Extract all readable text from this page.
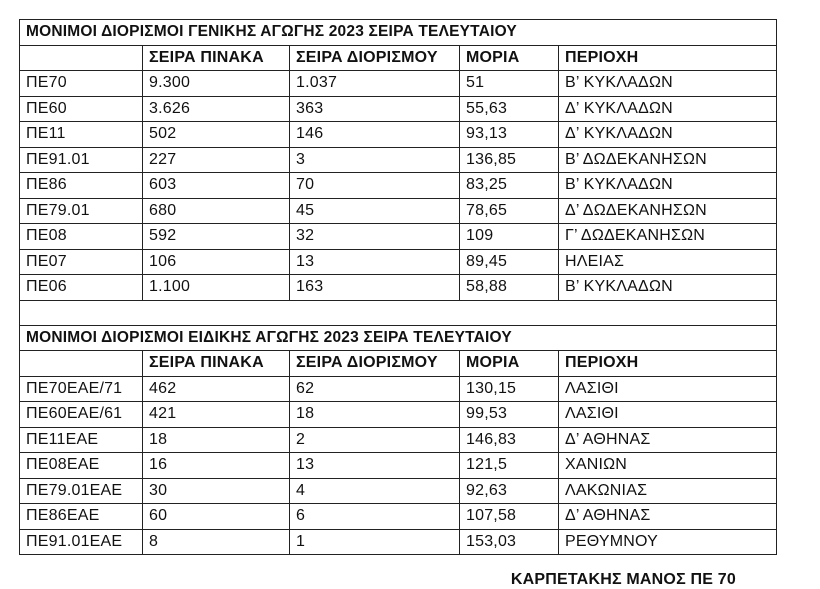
ΜΟΝΙΜΟΙ ΔΙΟΡΙΣΜΟΙ ΓΕΝΙΚΗΣ ΑΓΩΓΗΣ 2023 ΣΕΙΡΑ ΤΕΛΕΥΤΑΙΟΥ				
	ΣΕΙΡΑ ΠΙΝΑΚΑ	ΣΕΙΡΑ ΔΙΟΡΙΣΜΟΥ	ΜΟΡΙΑ	ΠΕΡΙΟΧΗ
ΠΕ70	9.300	1.037	51	Β’ ΚΥΚΛΑΔΩΝ
ΠΕ60	3.626	363	55,63	Δ’ ΚΥΚΛΑΔΩΝ
ΠΕ11	502	146	93,13	Δ’ ΚΥΚΛΑΔΩΝ
ΠΕ91.01	227	3	136,85	Β’ ΔΩΔΕΚΑΝΗΣΩΝ
ΠΕ86	603	70	83,25	Β’ ΚΥΚΛΑΔΩΝ
ΠΕ79.01	680	45	78,65	Δ’ ΔΩΔΕΚΑΝΗΣΩΝ
ΠΕ08	592	32	109	Γ’ ΔΩΔΕΚΑΝΗΣΩΝ
ΠΕ07	106	13	89,45	ΗΛΕΙΑΣ
ΠΕ06	1.100	163	58,88	Β’ ΚΥΚΛΑΔΩΝ

ΜΟΝΙΜΟΙ ΔΙΟΡΙΣΜΟΙ ΕΙΔΙΚΗΣ ΑΓΩΓΗΣ 2023 ΣΕΙΡΑ ΤΕΛΕΥΤΑΙΟΥ				
	ΣΕΙΡΑ ΠΙΝΑΚΑ	ΣΕΙΡΑ ΔΙΟΡΙΣΜΟΥ	ΜΟΡΙΑ	ΠΕΡΙΟΧΗ
ΠΕ70ΕΑΕ/71	462	62	130,15	ΛΑΣΙΘΙ
ΠΕ60ΕΑΕ/61	421	18	99,53	ΛΑΣΙΘΙ
ΠΕ11ΕΑΕ	18	2	146,83	Δ’ ΑΘΗΝΑΣ
ΠΕ08ΕΑΕ	16	13	121,5	ΧΑΝΙΩΝ
ΠΕ79.01ΕΑΕ	30	4	92,63	ΛΑΚΩΝΙΑΣ
ΠΕ86ΕΑΕ	60	6	107,58	Δ’ ΑΘΗΝΑΣ
ΠΕ91.01ΕΑΕ	8	1	153,03	ΡΕΘΥΜΝΟΥ
ΚΑΡΠΕΤΑΚΗΣ ΜΑΝΟΣ ΠΕ 70
